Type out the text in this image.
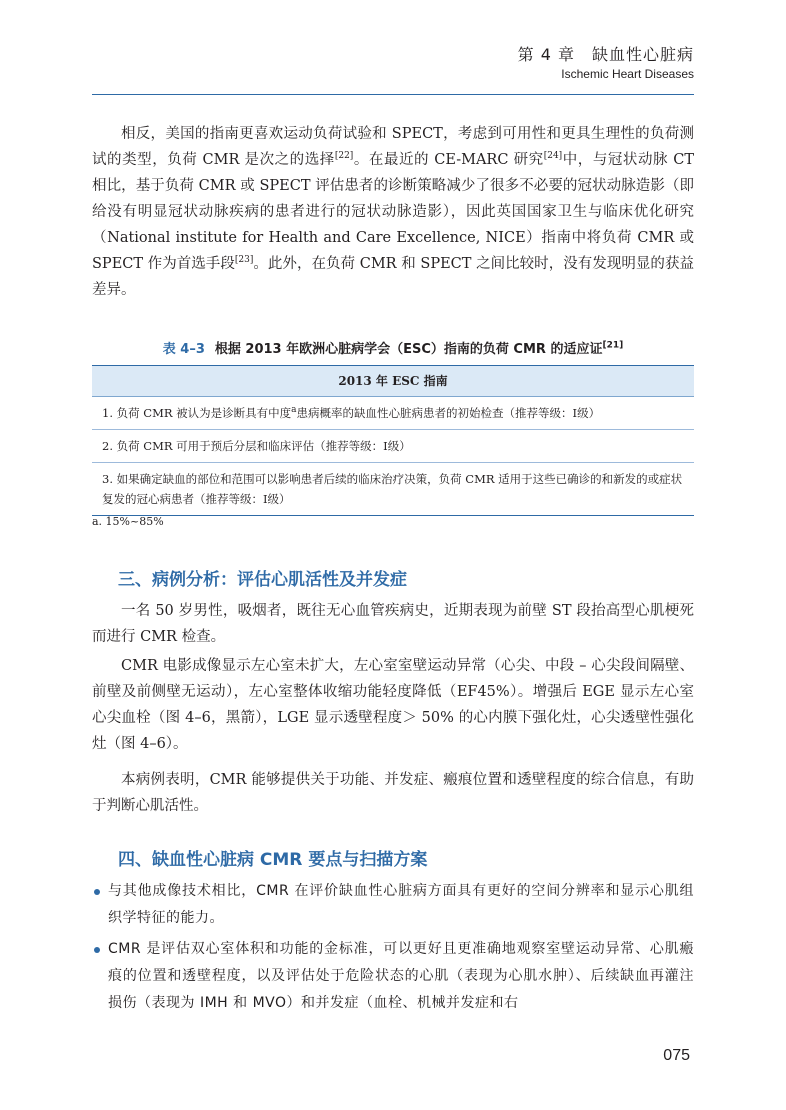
第 4 章　缺血性心脏病
Ischemic Heart Diseases

相反，美国的指南更喜欢运动负荷试验和 SPECT，考虑到可用性和更具生理性的负荷测试的类型，负荷 CMR 是次之的选择[22]。在最近的 CE-MARC 研究[24]中，与冠状动脉 CT 相比，基于负荷 CMR 或 SPECT 评估患者的诊断策略减少了很多不必要的冠状动脉造影（即给没有明显冠状动脉疾病的患者进行的冠状动脉造影），因此英国国家卫生与临床优化研究（National institute for Health and Care Excellence, NICE）指南中将负荷 CMR 或 SPECT 作为首选手段[23]。此外，在负荷 CMR 和 SPECT 之间比较时，没有发现明显的获益差异。

表 4–3 根据 2013 年欧洲心脏病学会（ESC）指南的负荷 CMR 的适应证[21]
2013 年 ESC 指南
1. 负荷 CMR 被认为是诊断具有中度$^a$患病概率的缺血性心脏病患者的初始检查（推荐等级：Ⅰ级）
2. 负荷 CMR 可用于预后分层和临床评估（推荐等级：Ⅰ级）
3. 如果确定缺血的部位和范围可以影响患者后续的临床治疗决策，负荷 CMR 适用于这些已确诊的和新发的或症状复发的冠心病患者（推荐等级：Ⅰ级）
a. 15%~85%
三、病例分析：评估心肌活性及并发症

一名 50 岁男性，吸烟者，既往无心血管疾病史，近期表现为前壁 ST 段抬高型心肌梗死而进行 CMR 检查。

CMR 电影成像显示左心室未扩大，左心室室壁运动异常（心尖、中段 – 心尖段间隔壁、前壁及前侧壁无运动），左心室整体收缩功能轻度降低（EF45%）。增强后 EGE 显示左心室心尖血栓（图 4–6，黑箭），LGE 显示透壁程度＞ 50% 的心内膜下强化灶，心尖透壁性强化灶（图 4–6）。

本病例表明，CMR 能够提供关于功能、并发症、瘢痕位置和透壁程度的综合信息，有助于判断心肌活性。

四、缺血性心脏病 CMR 要点与扫描方案
与其他成像技术相比，CMR 在评价缺血性心脏病方面具有更好的空间分辨率和显示心肌组织学特征的能力。
CMR 是评估双心室体积和功能的金标准，可以更好且更准确地观察室壁运动异常、心肌瘢痕的位置和透壁程度，以及评估处于危险状态的心肌（表现为心肌水肿）、后续缺血再灌注损伤（表现为 IMH 和 MVO）和并发症（血栓、机械并发症和右
075
